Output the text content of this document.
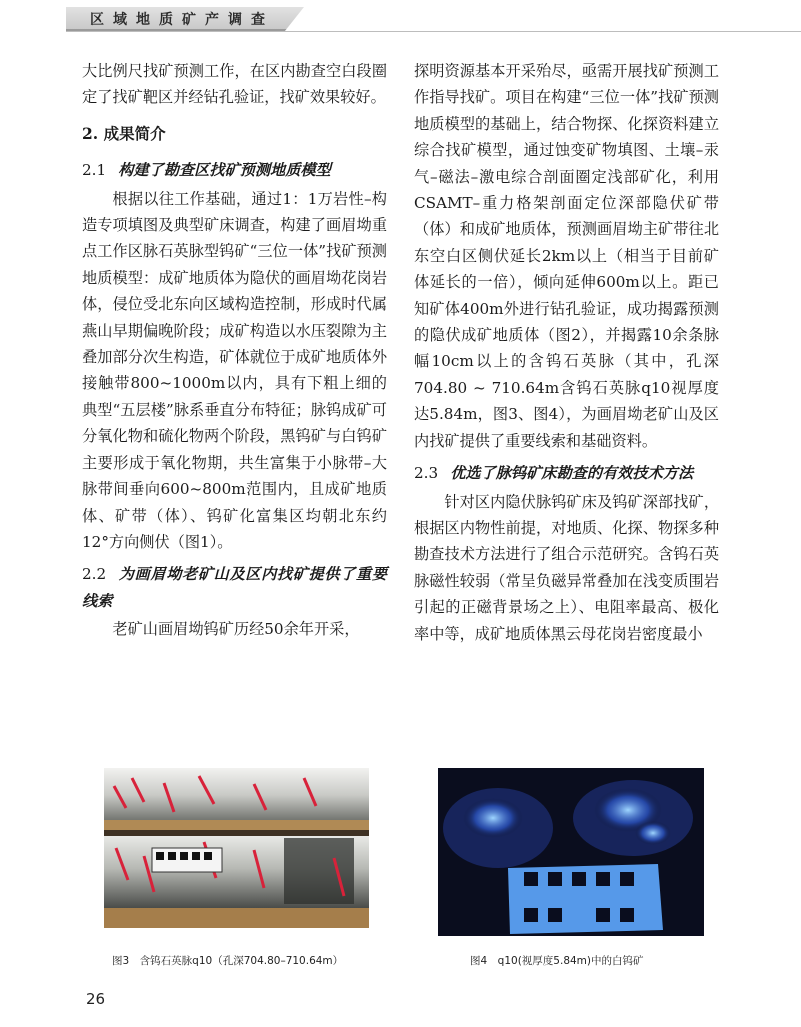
区域地质矿产调查

大比例尺找矿预测工作，在区内勘查空白段圈定了找矿靶区并经钻孔验证，找矿效果较好。

2. 成果简介

2.1 构建了勘查区找矿预测地质模型

根据以往工作基础，通过1：1万岩性–构造专项填图及典型矿床调查，构建了画眉坳重点工作区脉石英脉型钨矿“三位一体”找矿预测地质模型：成矿地质体为隐伏的画眉坳花岗岩体，侵位受北东向区域构造控制，形成时代属燕山早期偏晚阶段；成矿构造以水压裂隙为主叠加部分次生构造，矿体就位于成矿地质体外接触带800~1000m以内，具有下粗上细的典型“五层楼”脉系垂直分布特征；脉钨成矿可分氧化物和硫化物两个阶段，黑钨矿与白钨矿主要形成于氧化物期，共生富集于小脉带–大脉带间垂向600~800m范围内，且成矿地质体、矿带（体）、钨矿化富集区均朝北东约12°方向侧伏（图1）。

2.2 为画眉坳老矿山及区内找矿提供了重要线索

老矿山画眉坳钨矿历经50余年开采，

探明资源基本开采殆尽，亟需开展找矿预测工作指导找矿。项目在构建“三位一体”找矿预测地质模型的基础上，结合物探、化探资料建立综合找矿模型，通过蚀变矿物填图、土壤–汞气–磁法–激电综合剖面圈定浅部矿化，利用CSAMT–重力格架剖面定位深部隐伏矿带（体）和成矿地质体，预测画眉坳主矿带往北东空白区侧伏延长2km以上（相当于目前矿体延长的一倍），倾向延伸600m以上。距已知矿体400m外进行钻孔验证，成功揭露预测的隐伏成矿地质体（图2），并揭露10余条脉幅10cm以上的含钨石英脉（其中，孔深704.80 ~ 710.64m含钨石英脉q10视厚度达5.84m，图3、图4），为画眉坳老矿山及区内找矿提供了重要线索和基础资料。

2.3 优选了脉钨矿床勘查的有效技术方法

针对区内隐伏脉钨矿床及钨矿深部找矿，根据区内物性前提，对地质、化探、物探多种勘查技术方法进行了组合示范研究。含钨石英脉磁性较弱（常呈负磁异常叠加在浅变质围岩引起的正磁背景场之上）、电阻率最高、极化率中等，成矿地质体黑云母花岗岩密度最小

图3　含钨石英脉q10（孔深704.80–710.64m）	图4　q10(视厚度5.84m)中的白钨矿
26
